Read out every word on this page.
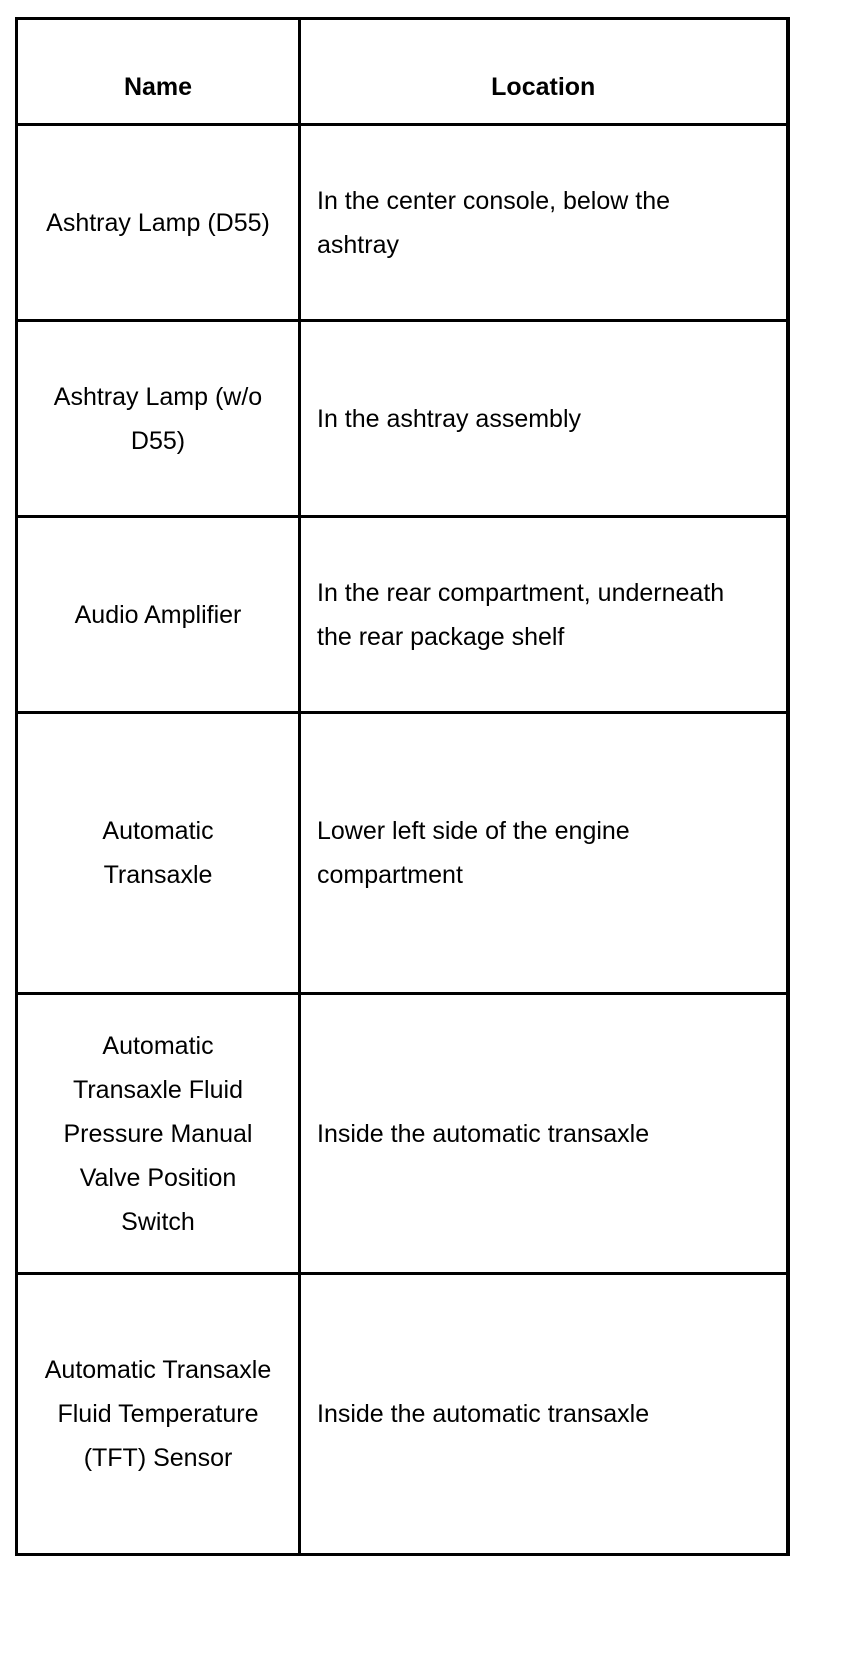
Name	Location

Ashtray Lamp (D55)	In the center console, below the ashtray

Ashtray Lamp (w/o D55)	In the ashtray assembly

Audio Amplifier	In the rear compartment, underneath the rear package shelf

Automatic Transaxle	Lower left side of the engine compartment

Automatic Transaxle Fluid Pressure Manual Valve Position Switch	Inside the automatic transaxle

Automatic Transaxle Fluid Temperature (TFT) Sensor	Inside the automatic transaxle
